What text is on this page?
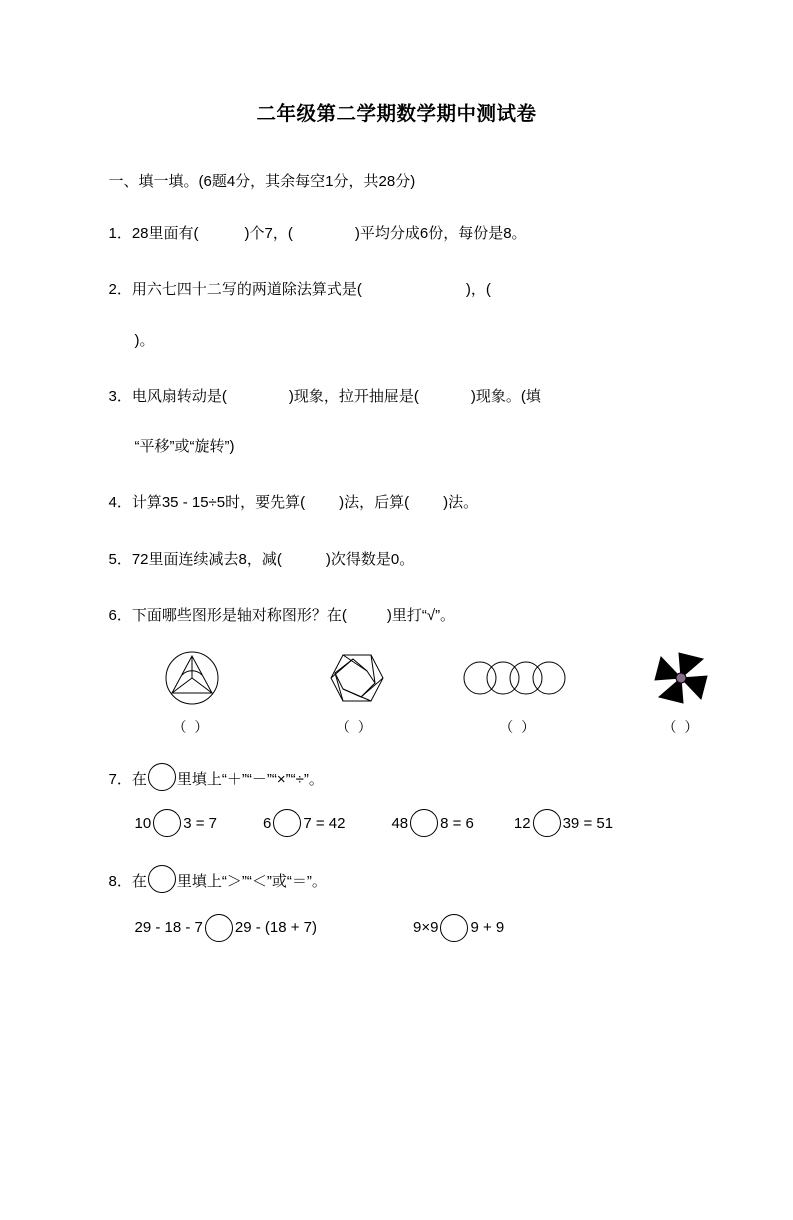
二年级第二学期数学期中测试卷
一、填一填。(6题4分，其余每空1分，共28分)
1．28里面有(	)个7，(	)平均分成6份，每份是8。
2．用六七四十二写的两道除法算式是(	)，(
)。
3．电风扇转动是(	)现象，拉开抽屉是(	)现象。(填
“平移”或“旋转”)
4．计算35 - 15÷5时，要先算( )法，后算( )法。
5．72里面连续减去8，减(	)次得数是0。
6．下面哪些图形是轴对称图形？在(	)里打“√”。
（ ）	（ ）	（ ）	（ ）
7．在 里填上“＋”“－”“×”“÷”。
10 3 = 7	6 7 = 42	48 8 = 6	12 39 = 51
8．在 里填上“＞”“＜”或“＝”。
29 - 18 - 7 29 - (18 + 7)	9×9 9 + 9
